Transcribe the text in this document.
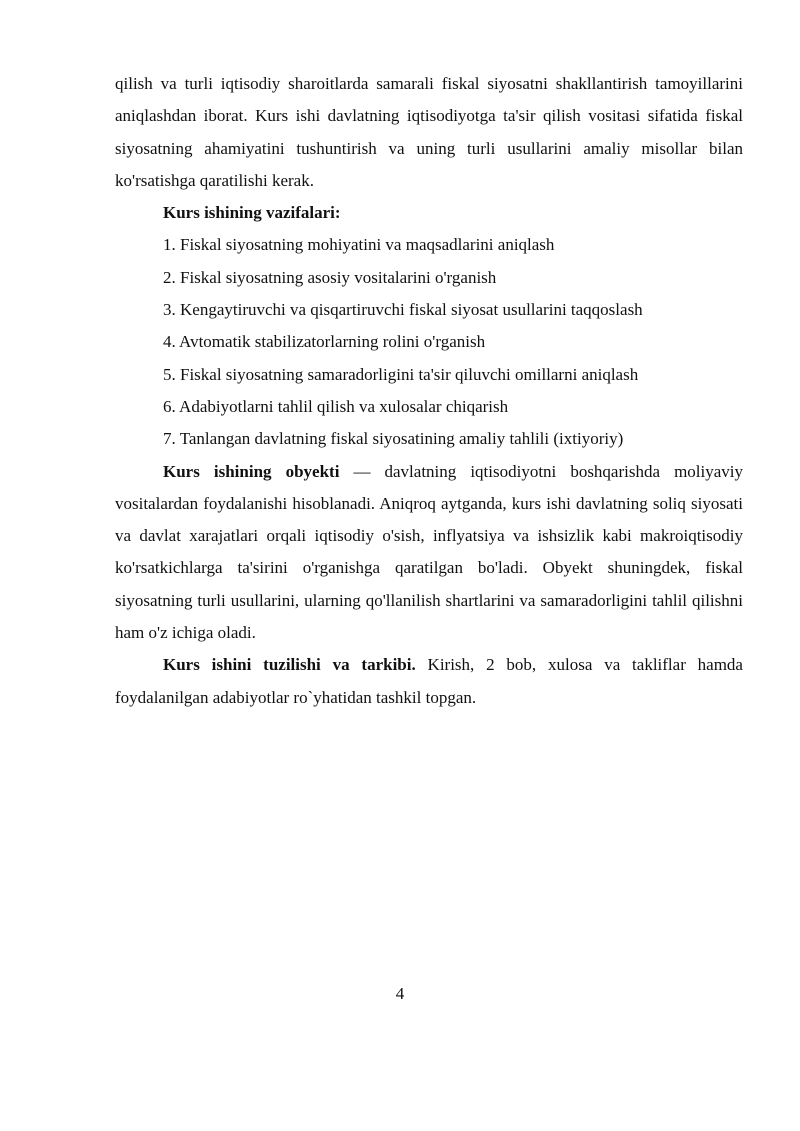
qilish va turli iqtisodiy sharoitlarda samarali fiskal siyosatni shakllantirish tamoyillarini aniqlashdan iborat. Kurs ishi davlatning iqtisodiyotga ta'sir qilish vositasi sifatida fiskal siyosatning ahamiyatini tushuntirish va uning turli usullarini amaliy misollar bilan ko'rsatishga qaratilishi kerak.

Kurs ishining vazifalari:

1. Fiskal siyosatning mohiyatini va maqsadlarini aniqlash
2. Fiskal siyosatning asosiy vositalarini o'rganish
3. Kengaytiruvchi va qisqartiruvchi fiskal siyosat usullarini taqqoslash
4. Avtomatik stabilizatorlarning rolini o'rganish
5. Fiskal siyosatning samaradorligini ta'sir qiluvchi omillarni aniqlash
6. Adabiyotlarni tahlil qilish va xulosalar chiqarish
7. Tanlangan davlatning fiskal siyosatining amaliy tahlili (ixtiyoriy)

Kurs ishining obyekti — davlatning iqtisodiyotni boshqarishda moliyaviy vositalardan foydalanishi hisoblanadi. Aniqroq aytganda, kurs ishi davlatning soliq siyosati va davlat xarajatlari orqali iqtisodiy o'sish, inflyatsiya va ishsizlik kabi makroiqtisodiy ko'rsatkichlarga ta'sirini o'rganishga qaratilgan bo'ladi. Obyekt shuningdek, fiskal siyosatning turli usullarini, ularning qo'llanilish shartlarini va samaradorligini tahlil qilishni ham o'z ichiga oladi.

Kurs ishini tuzilishi va tarkibi. Kirish, 2 bob, xulosa va takliflar hamda foydalanilgan adabiyotlar ro`yhatidan tashkil topgan.

4
